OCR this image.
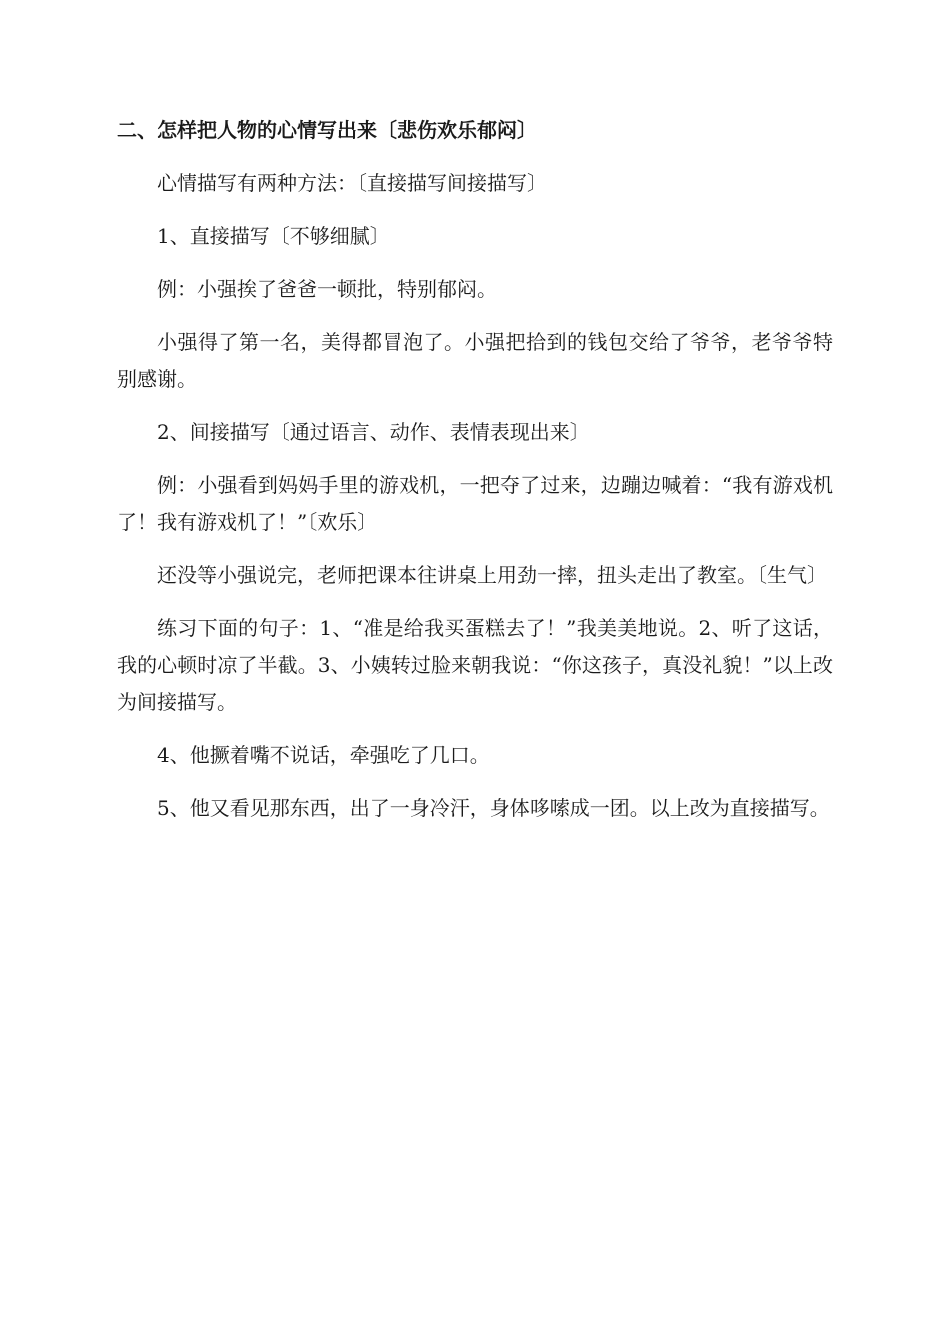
二、怎样把人物的心情写出来〔悲伤欢乐郁闷〕

心情描写有两种方法：〔直接描写间接描写〕

1、直接描写〔不够细腻〕

例：小强挨了爸爸一顿批，特别郁闷。

小强得了第一名，美得都冒泡了。小强把拾到的钱包交给了爷爷，老爷爷特别感谢。

2、间接描写〔通过语言、动作、表情表现出来〕

例：小强看到妈妈手里的游戏机，一把夺了过来，边蹦边喊着：“我有游戏机了！我有游戏机了！”〔欢乐〕

还没等小强说完，老师把课本往讲桌上用劲一摔，扭头走出了教室。〔生气〕

练习下面的句子：1、“准是给我买蛋糕去了！”我美美地说。2、听了这话，我的心顿时凉了半截。3、小姨转过脸来朝我说：“你这孩子，真没礼貌！”以上改为间接描写。

4、他撅着嘴不说话，牵强吃了几口。

5、他又看见那东西，出了一身冷汗，身体哆嗦成一团。以上改为直接描写。
